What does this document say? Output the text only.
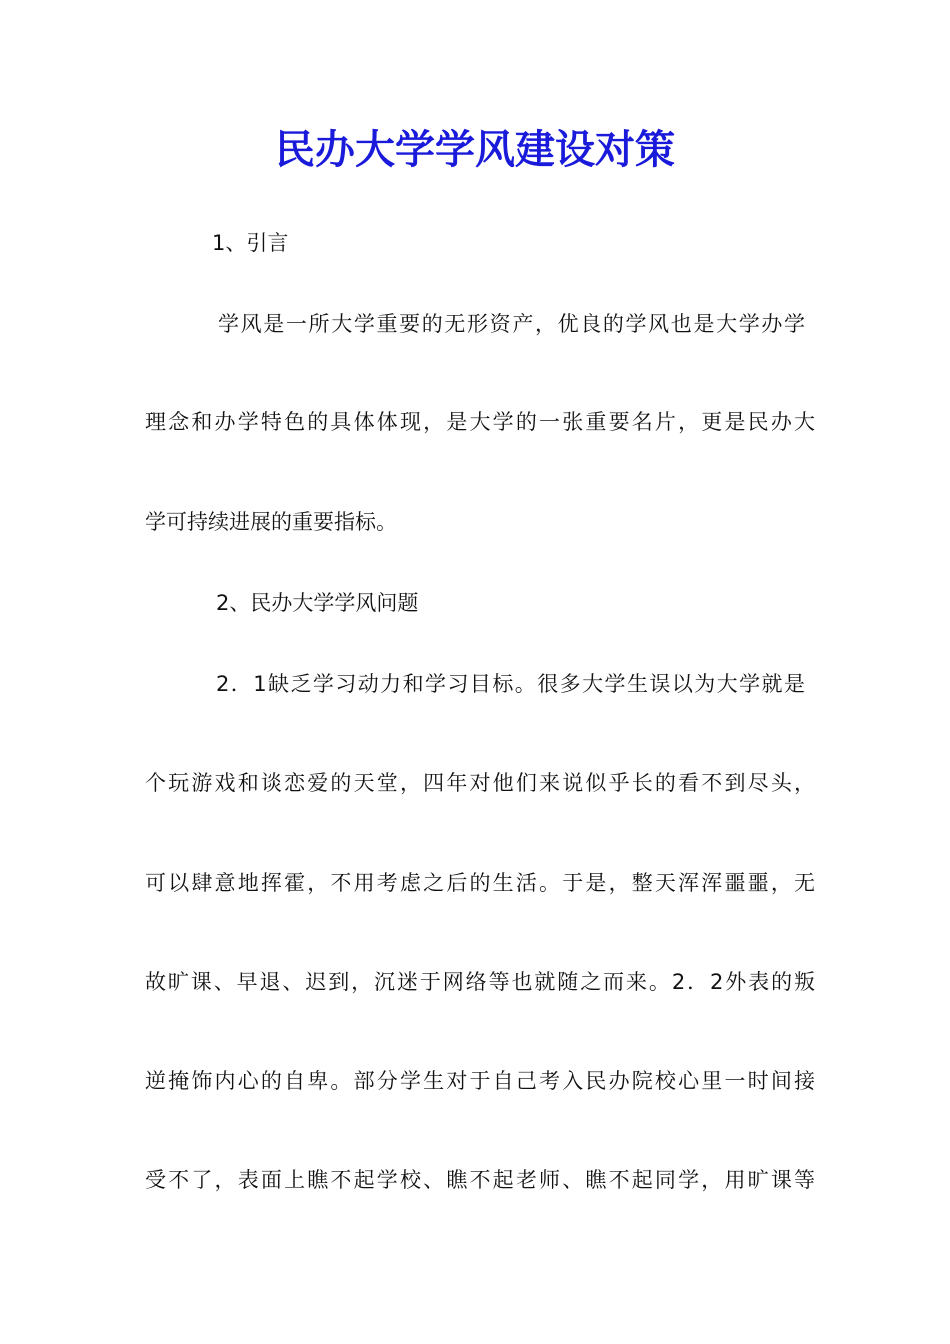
民办大学学风建设对策

1、引言

学风是一所大学重要的无形资产，优良的学风也是大学办学

理念和办学特色的具体体现，是大学的一张重要名片，更是民办大

学可持续进展的重要指标。

2、民办大学学风问题

2．1缺乏学习动力和学习目标。很多大学生误以为大学就是

个玩游戏和谈恋爱的天堂，四年对他们来说似乎长的看不到尽头，

可以肆意地挥霍，不用考虑之后的生活。于是，整天浑浑噩噩，无

故旷课、早退、迟到，沉迷于网络等也就随之而来。2．2外表的叛

逆掩饰内心的自卑。部分学生对于自己考入民办院校心里一时间接

受不了，表面上瞧不起学校、瞧不起老师、瞧不起同学，用旷课等
